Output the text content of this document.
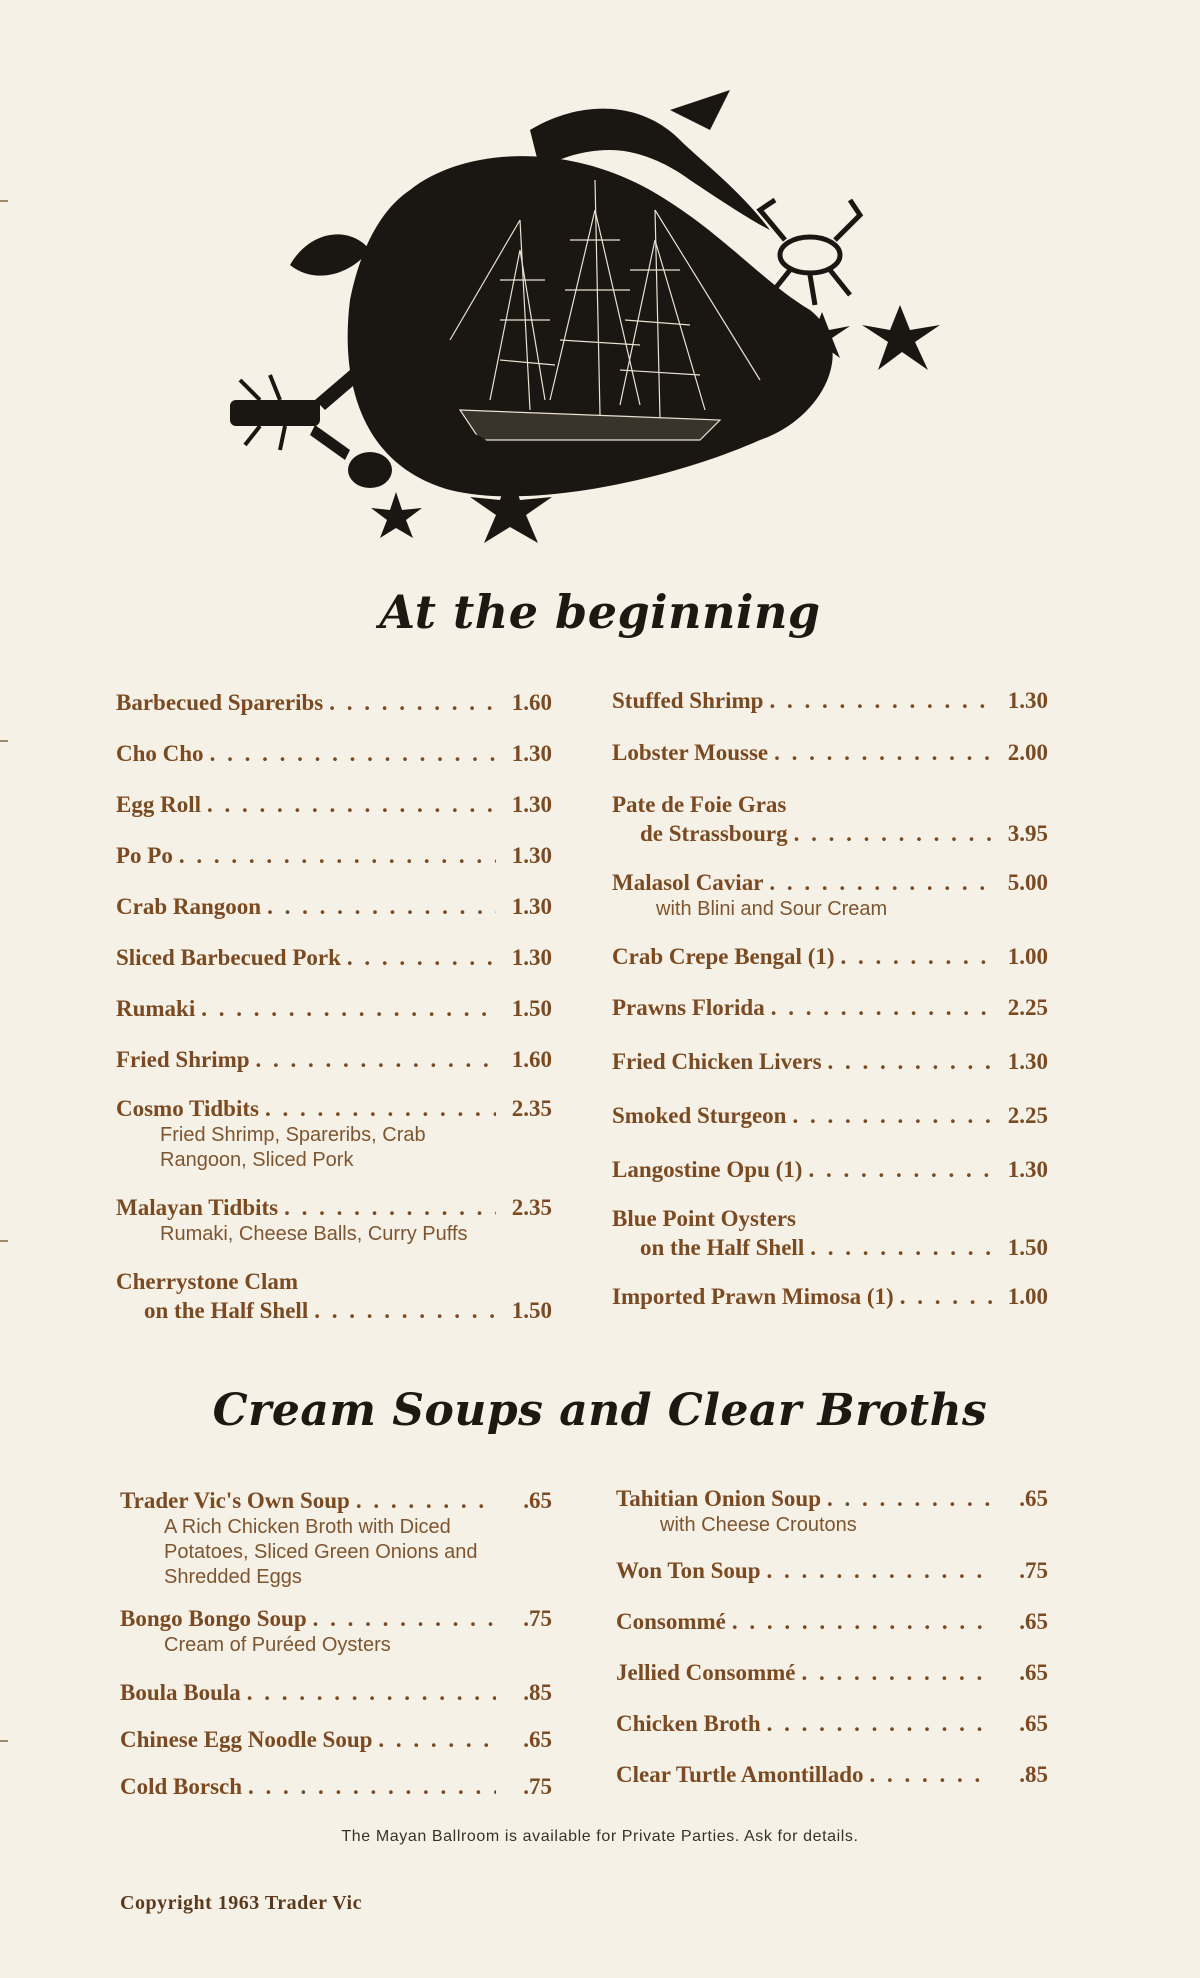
At the beginning
Barbecued Spareribs . . .	1.60
Cho Cho . . .	1.30
Egg Roll . . .	1.30
Po Po . . .	1.30
Crab Rangoon . . .	1.30
Sliced Barbecued Pork . . .	1.30
Rumaki . . .	1.50
Fried Shrimp . . .	1.60
Cosmo Tidbits . . .	2.35
Fried Shrimp, Spareribs, Crab Rangoon, Sliced Pork
Malayan Tidbits . . .	2.35
Rumaki, Cheese Balls, Curry Puffs
Cherrystone Clam
on the Half Shell . . .	1.50
Stuffed Shrimp . . .	1.30
Lobster Mousse . . .	2.00
Pate de Foie Gras
de Strassbourg . . .	3.95
Malasol Caviar . . .	5.00
with Blini and Sour Cream
Crab Crepe Bengal (1) . . .	1.00
Prawns Florida . . .	2.25
Fried Chicken Livers . . .	1.30
Smoked Sturgeon . . .	2.25
Langostine Opu (1) . . .	1.30
Blue Point Oysters
on the Half Shell . . .	1.50
Imported Prawn Mimosa (1) . . .	1.00
Cream Soups and Clear Broths
Trader Vic's Own Soup . . .	.65
A Rich Chicken Broth with Diced Potatoes, Sliced Green Onions and Shredded Eggs
Bongo Bongo Soup . . .	.75
Cream of Puréed Oysters
Boula Boula . . .	.85
Chinese Egg Noodle Soup . . .	.65
Cold Borsch . . .	.75
Tahitian Onion Soup . . .	.65
with Cheese Croutons
Won Ton Soup . . .	.75
Consommé . . .	.65
Jellied Consommé . . .	.65
Chicken Broth . . .	.65
Clear Turtle Amontillado . . .	.85
The Mayan Ballroom is available for Private Parties. Ask for details.
Copyright 1963 Trader Vic
